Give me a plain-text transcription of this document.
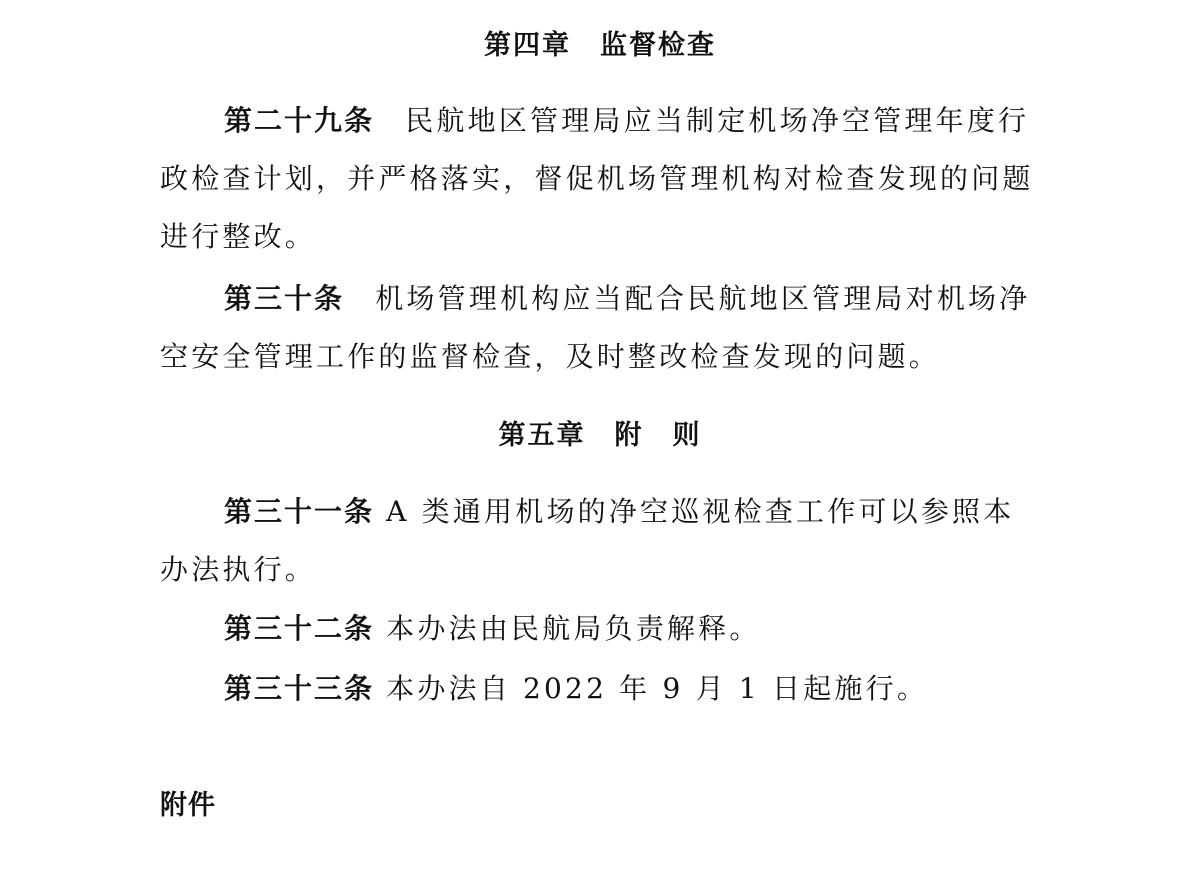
第四章　监督检查
第二十九条　 民航地区管理局应当制定机场净空管理年度行
政检查计划，并严格落实，督促机场管理机构对检查发现的问题
进行整改。
第三十条　 机场管理机构应当配合民航地区管理局对机场净
空安全管理工作的监督检查，及时整改检查发现的问题。
第五章　附　则
第三十一条 A 类通用机场的净空巡视检查工作可以参照本
办法执行。
第三十二条 本办法由民航局负责解释。
第三十三条 本办法自 2022 年 9 月 1 日起施行。
附件
